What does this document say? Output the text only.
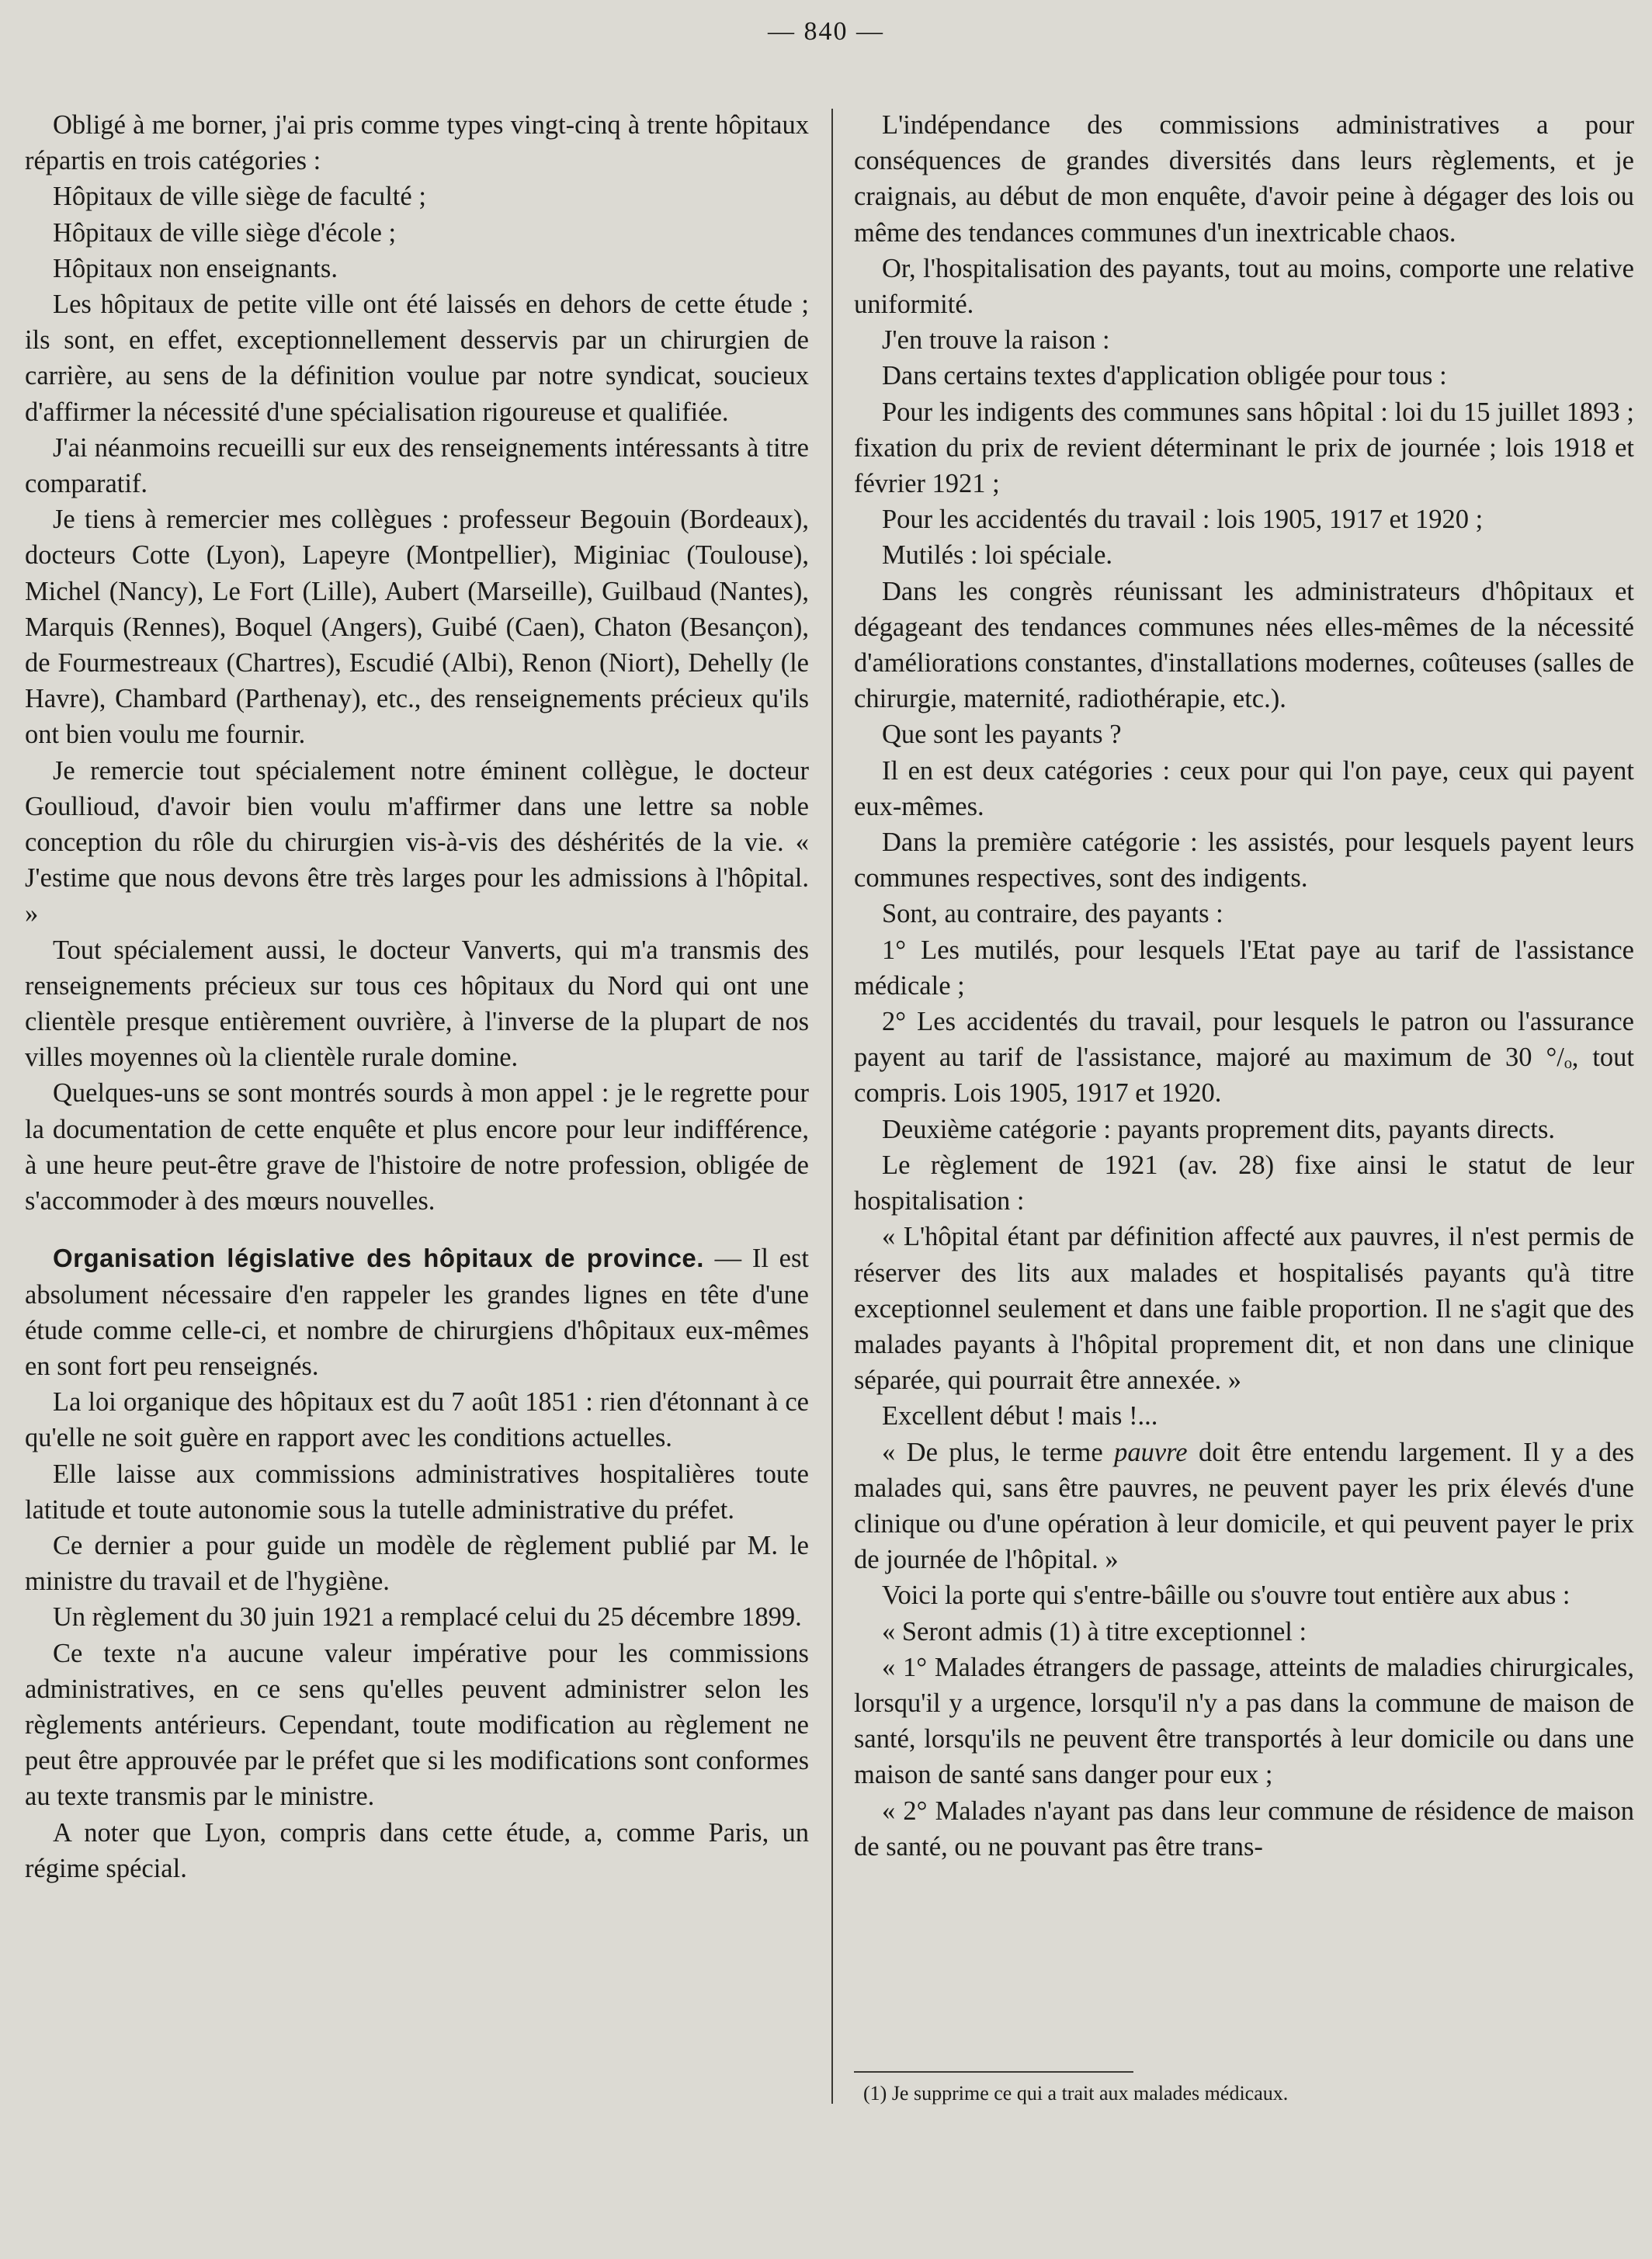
— 840 —

Obligé à me borner, j'ai pris comme types vingt-cinq à trente hôpitaux répartis en trois catégories :

Hôpitaux de ville siège de faculté ;

Hôpitaux de ville siège d'école ;

Hôpitaux non enseignants.

Les hôpitaux de petite ville ont été laissés en dehors de cette étude ; ils sont, en effet, exceptionnellement desservis par un chirurgien de carrière, au sens de la définition voulue par notre syndicat, soucieux d'affirmer la nécessité d'une spécialisation rigoureuse et qualifiée.

J'ai néanmoins recueilli sur eux des renseignements intéressants à titre comparatif.

Je tiens à remercier mes collègues : professeur Begouin (Bordeaux), docteurs Cotte (Lyon), Lapeyre (Montpellier), Miginiac (Toulouse), Michel (Nancy), Le Fort (Lille), Aubert (Marseille), Guilbaud (Nantes), Marquis (Rennes), Boquel (Angers), Guibé (Caen), Chaton (Besançon), de Fourmestreaux (Chartres), Escudié (Albi), Renon (Niort), Dehelly (le Havre), Chambard (Parthenay), etc., des renseignements précieux qu'ils ont bien voulu me fournir.

Je remercie tout spécialement notre éminent collègue, le docteur Goullioud, d'avoir bien voulu m'affirmer dans une lettre sa noble conception du rôle du chirurgien vis-à-vis des déshérités de la vie. « J'estime que nous devons être très larges pour les admissions à l'hôpital. »

Tout spécialement aussi, le docteur Vanverts, qui m'a transmis des renseignements précieux sur tous ces hôpitaux du Nord qui ont une clientèle presque entièrement ouvrière, à l'inverse de la plupart de nos villes moyennes où la clientèle rurale domine.

Quelques-uns se sont montrés sourds à mon appel : je le regrette pour la documentation de cette enquête et plus encore pour leur indifférence, à une heure peut-être grave de l'histoire de notre profession, obligée de s'accommoder à des mœurs nouvelles.

Organisation législative des hôpitaux de province. — Il est absolument nécessaire d'en rappeler les grandes lignes en tête d'une étude comme celle-ci, et nombre de chirurgiens d'hôpitaux eux-mêmes en sont fort peu renseignés.

La loi organique des hôpitaux est du 7 août 1851 : rien d'étonnant à ce qu'elle ne soit guère en rapport avec les conditions actuelles.

Elle laisse aux commissions administratives hospitalières toute latitude et toute autonomie sous la tutelle administrative du préfet.

Ce dernier a pour guide un modèle de règlement publié par M. le ministre du travail et de l'hygiène.

Un règlement du 30 juin 1921 a remplacé celui du 25 décembre 1899.

Ce texte n'a aucune valeur impérative pour les commissions administratives, en ce sens qu'elles peuvent administrer selon les règlements antérieurs. Cependant, toute modification au règlement ne peut être approuvée par le préfet que si les modifications sont conformes au texte transmis par le ministre.

A noter que Lyon, compris dans cette étude, a, comme Paris, un régime spécial.

L'indépendance des commissions administratives a pour conséquences de grandes diversités dans leurs règlements, et je craignais, au début de mon enquête, d'avoir peine à dégager des lois ou même des tendances communes d'un inextricable chaos.

Or, l'hospitalisation des payants, tout au moins, comporte une relative uniformité.

J'en trouve la raison :

Dans certains textes d'application obligée pour tous :

Pour les indigents des communes sans hôpital : loi du 15 juillet 1893 ; fixation du prix de revient déterminant le prix de journée ; lois 1918 et février 1921 ;

Pour les accidentés du travail : lois 1905, 1917 et 1920 ;

Mutilés : loi spéciale.

Dans les congrès réunissant les administrateurs d'hôpitaux et dégageant des tendances communes nées elles-mêmes de la nécessité d'améliorations constantes, d'installations modernes, coûteuses (salles de chirurgie, maternité, radiothérapie, etc.).

Que sont les payants ?

Il en est deux catégories : ceux pour qui l'on paye, ceux qui payent eux-mêmes.

Dans la première catégorie : les assistés, pour lesquels payent leurs communes respectives, sont des indigents.

Sont, au contraire, des payants :

1° Les mutilés, pour lesquels l'Etat paye au tarif de l'assistance médicale ;

2° Les accidentés du travail, pour lesquels le patron ou l'assurance payent au tarif de l'assistance, majoré au maximum de 30 °/ₒ, tout compris. Lois 1905, 1917 et 1920.

Deuxième catégorie : payants proprement dits, payants directs.

Le règlement de 1921 (av. 28) fixe ainsi le statut de leur hospitalisation :

« L'hôpital étant par définition affecté aux pauvres, il n'est permis de réserver des lits aux malades et hospitalisés payants qu'à titre exceptionnel seulement et dans une faible proportion. Il ne s'agit que des malades payants à l'hôpital proprement dit, et non dans une clinique séparée, qui pourrait être annexée. »

Excellent début ! mais !...

« De plus, le terme pauvre doit être entendu largement. Il y a des malades qui, sans être pauvres, ne peuvent payer les prix élevés d'une clinique ou d'une opération à leur domicile, et qui peuvent payer le prix de journée de l'hôpital. »

Voici la porte qui s'entre-bâille ou s'ouvre tout entière aux abus :

« Seront admis (1) à titre exceptionnel :

« 1° Malades étrangers de passage, atteints de maladies chirurgicales, lorsqu'il y a urgence, lorsqu'il n'y a pas dans la commune de maison de santé, lorsqu'ils ne peuvent être transportés à leur domicile ou dans une maison de santé sans danger pour eux ;

« 2° Malades n'ayant pas dans leur commune de résidence de maison de santé, ou ne pouvant pas être trans-

(1) Je supprime ce qui a trait aux malades médicaux.
